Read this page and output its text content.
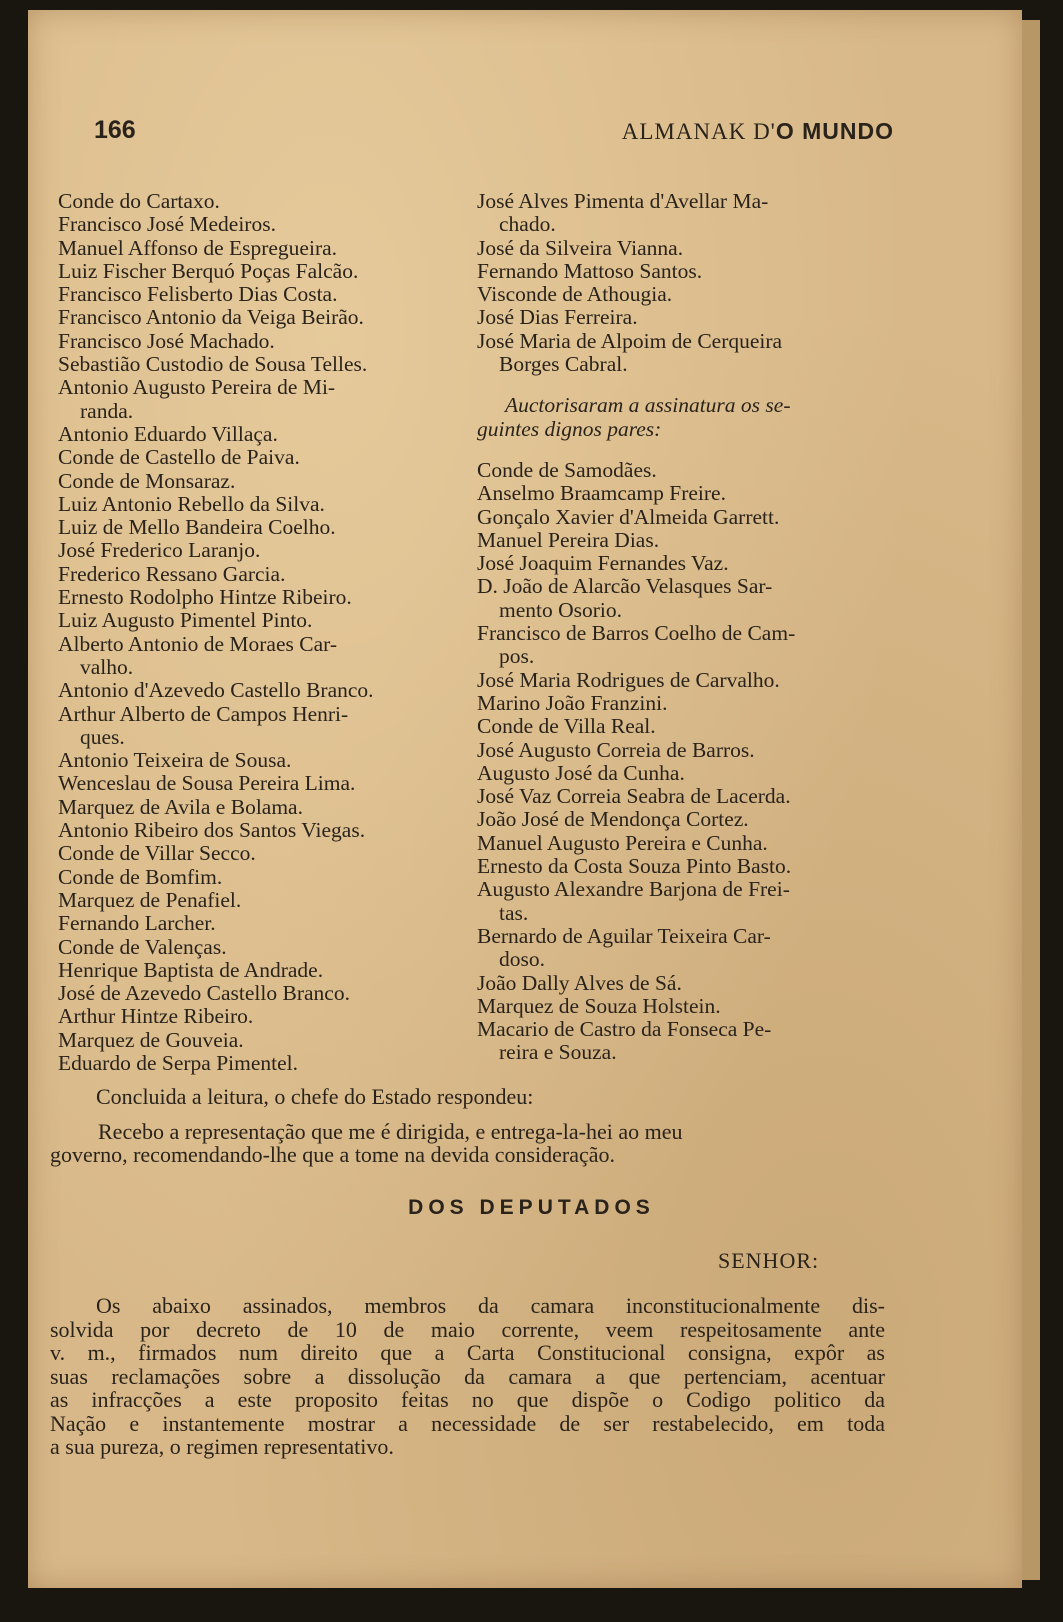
166	ALMANAK D'O MUNDO
Conde do Cartaxo.
Francisco José Medeiros.
Manuel Affonso de Espregueira.
Luiz Fischer Berquó Poças Falcão.
Francisco Felisberto Dias Costa.
Francisco Antonio da Veiga Beirão.
Francisco José Machado.
Sebastião Custodio de Sousa Telles.
Antonio Augusto Pereira de Mi-
randa.
Antonio Eduardo Villaça.
Conde de Castello de Paiva.
Conde de Monsaraz.
Luiz Antonio Rebello da Silva.
Luiz de Mello Bandeira Coelho.
José Frederico Laranjo.
Frederico Ressano Garcia.
Ernesto Rodolpho Hintze Ribeiro.
Luiz Augusto Pimentel Pinto.
Alberto Antonio de Moraes Car-
valho.
Antonio d'Azevedo Castello Branco.
Arthur Alberto de Campos Henri-
ques.
Antonio Teixeira de Sousa.
Wenceslau de Sousa Pereira Lima.
Marquez de Avila e Bolama.
Antonio Ribeiro dos Santos Viegas.
Conde de Villar Secco.
Conde de Bomfim.
Marquez de Penafiel.
Fernando Larcher.
Conde de Valenças.
Henrique Baptista de Andrade.
José de Azevedo Castello Branco.
Arthur Hintze Ribeiro.
Marquez de Gouveia.
Eduardo de Serpa Pimentel.
José Alves Pimenta d'Avellar Ma-
chado.
José da Silveira Vianna.
Fernando Mattoso Santos.
Visconde de Athougia.
José Dias Ferreira.
José Maria de Alpoim de Cerqueira
Borges Cabral.
Auctorisaram a assinatura os se-
guintes dignos pares:
Conde de Samodães.
Anselmo Braamcamp Freire.
Gonçalo Xavier d'Almeida Garrett.
Manuel Pereira Dias.
José Joaquim Fernandes Vaz.
D. João de Alarcão Velasques Sar-
mento Osorio.
Francisco de Barros Coelho de Cam-
pos.
José Maria Rodrigues de Carvalho.
Marino João Franzini.
Conde de Villa Real.
José Augusto Correia de Barros.
Augusto José da Cunha.
José Vaz Correia Seabra de Lacerda.
João José de Mendonça Cortez.
Manuel Augusto Pereira e Cunha.
Ernesto da Costa Souza Pinto Basto.
Augusto Alexandre Barjona de Frei-
tas.
Bernardo de Aguilar Teixeira Car-
doso.
João Dally Alves de Sá.
Marquez de Souza Holstein.
Macario de Castro da Fonseca Pe-
reira e Souza.
Concluida a leitura, o chefe do Estado respondeu:
Recebo a representação que me é dirigida, e entrega-la-hei ao meu
governo, recomendando-lhe que a tome na devida consideração.
DOS DEPUTADOS
SENHOR:
Os abaixo assinados, membros da camara inconstitucionalmente dis-
solvida por decreto de 10 de maio corrente, veem respeitosamente ante
v. m., firmados num direito que a Carta Constitucional consigna, expôr as
suas reclamações sobre a dissolução da camara a que pertenciam, acentuar
as infracções a este proposito feitas no que dispõe o Codigo politico da
Nação e instantemente mostrar a necessidade de ser restabelecido, em toda
a sua pureza, o regimen representativo.
